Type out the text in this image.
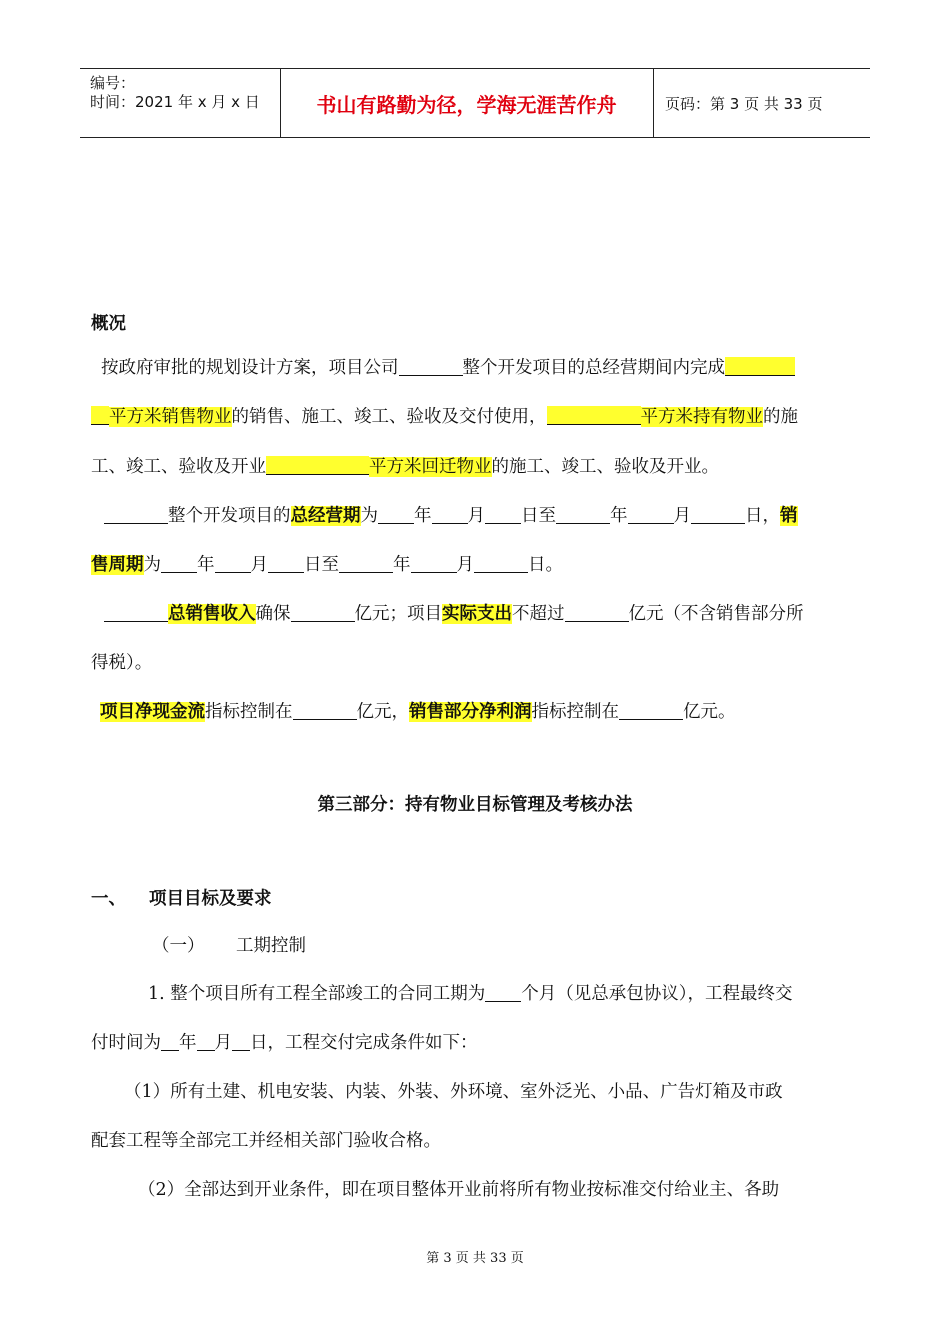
编号：
时间：2021 年 x 月 x 日	书山有路勤为径，学海无涯苦作舟	页码：第 3 页 共 33 页
概况
按政府审批的规划设计方案，项目公司	整个开发项目的总经营期间内完成
平方米销售物业的销售、施工、竣工、验收及交付使用，	平方米持有物业的施
工、竣工、验收及开业	平方米回迁物业的施工、竣工、验收及开业。
整个开发项目的总经营期为 年 月 日至	年	月	日，销
售周期为 年 月 日至	年	月	日。
总销售收入确保	亿元；项目实际支出不超过	亿元（不含销售部分所
得税）。
项目净现金流指标控制在	亿元，销售部分净利润指标控制在	亿元。
第三部分：持有物业目标管理及考核办法
一、 项目目标及要求
（一） 工期控制
1. 整个项目所有工程全部竣工的合同工期为 个月（见总承包协议），工程最终交
付时间为 年 月 日，工程交付完成条件如下：
（1）所有土建、机电安装、内装、外装、外环境、室外泛光、小品、广告灯箱及市政
配套工程等全部完工并经相关部门验收合格。
（2）全部达到开业条件，即在项目整体开业前将所有物业按标准交付给业主、各助
第 3 页 共 33 页
